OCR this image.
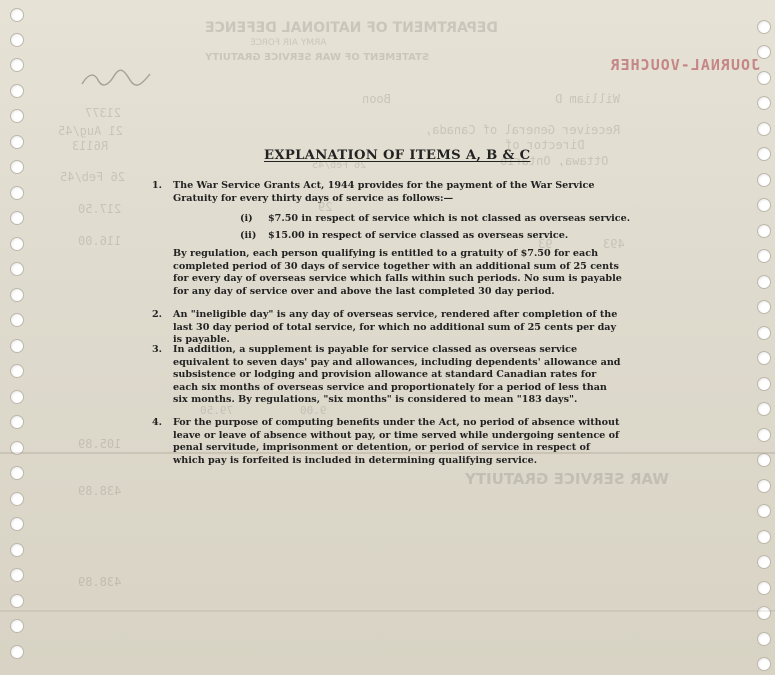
DEPARTMENT OF NATIONAL DEFENCE
ARMY AIR FORCE
STATEMENT OF WAR SERVICE GRATUITY
William D
Boon
Receiver General of Canada,
Director of
Ottawa, Ontario
21377
21 Aug/45
R6113
26 Feb/45
217.50
116.00
105.89
438.89
438.89
26 Feb/45
493
93
29
9.00
79.50
WAR SERVICE GRATUITY
JOURNAL-VOUCHER
EXPLANATION OF ITEMS A, B & C
1. The War Service Grants Act, 1944 provides for the payment of the War Service Gratuity for every thirty days of service as follows:—

(i) $7.50 in respect of service which is not classed as overseas service.
(ii) $15.00 in respect of service classed as overseas service.

By regulation, each person qualifying is entitled to a gratuity of $7.50 for each completed period of 30 days of service together with an additional sum of 25 cents for every day of overseas service which falls within such periods. No sum is payable for any day of service over and above the last completed 30 day period.

2. An "ineligible day" is any day of overseas service, rendered after completion of the last 30 day period of total service, for which no additional sum of 25 cents per day is payable.

3. In addition, a supplement is payable for service classed as overseas service equivalent to seven days' pay and allowances, including dependents' allowance and subsistence or lodging and provision allowance at standard Canadian rates for each six months of overseas service and proportionately for a period of less than six months. By regulations, "six months" is considered to mean "183 days".

4. For the purpose of computing benefits under the Act, no period of absence without leave or leave of absence without pay, or time served while undergoing sentence of penal servitude, imprisonment or detention, or period of service in respect of which pay is forfeited is included in determining qualifying service.
